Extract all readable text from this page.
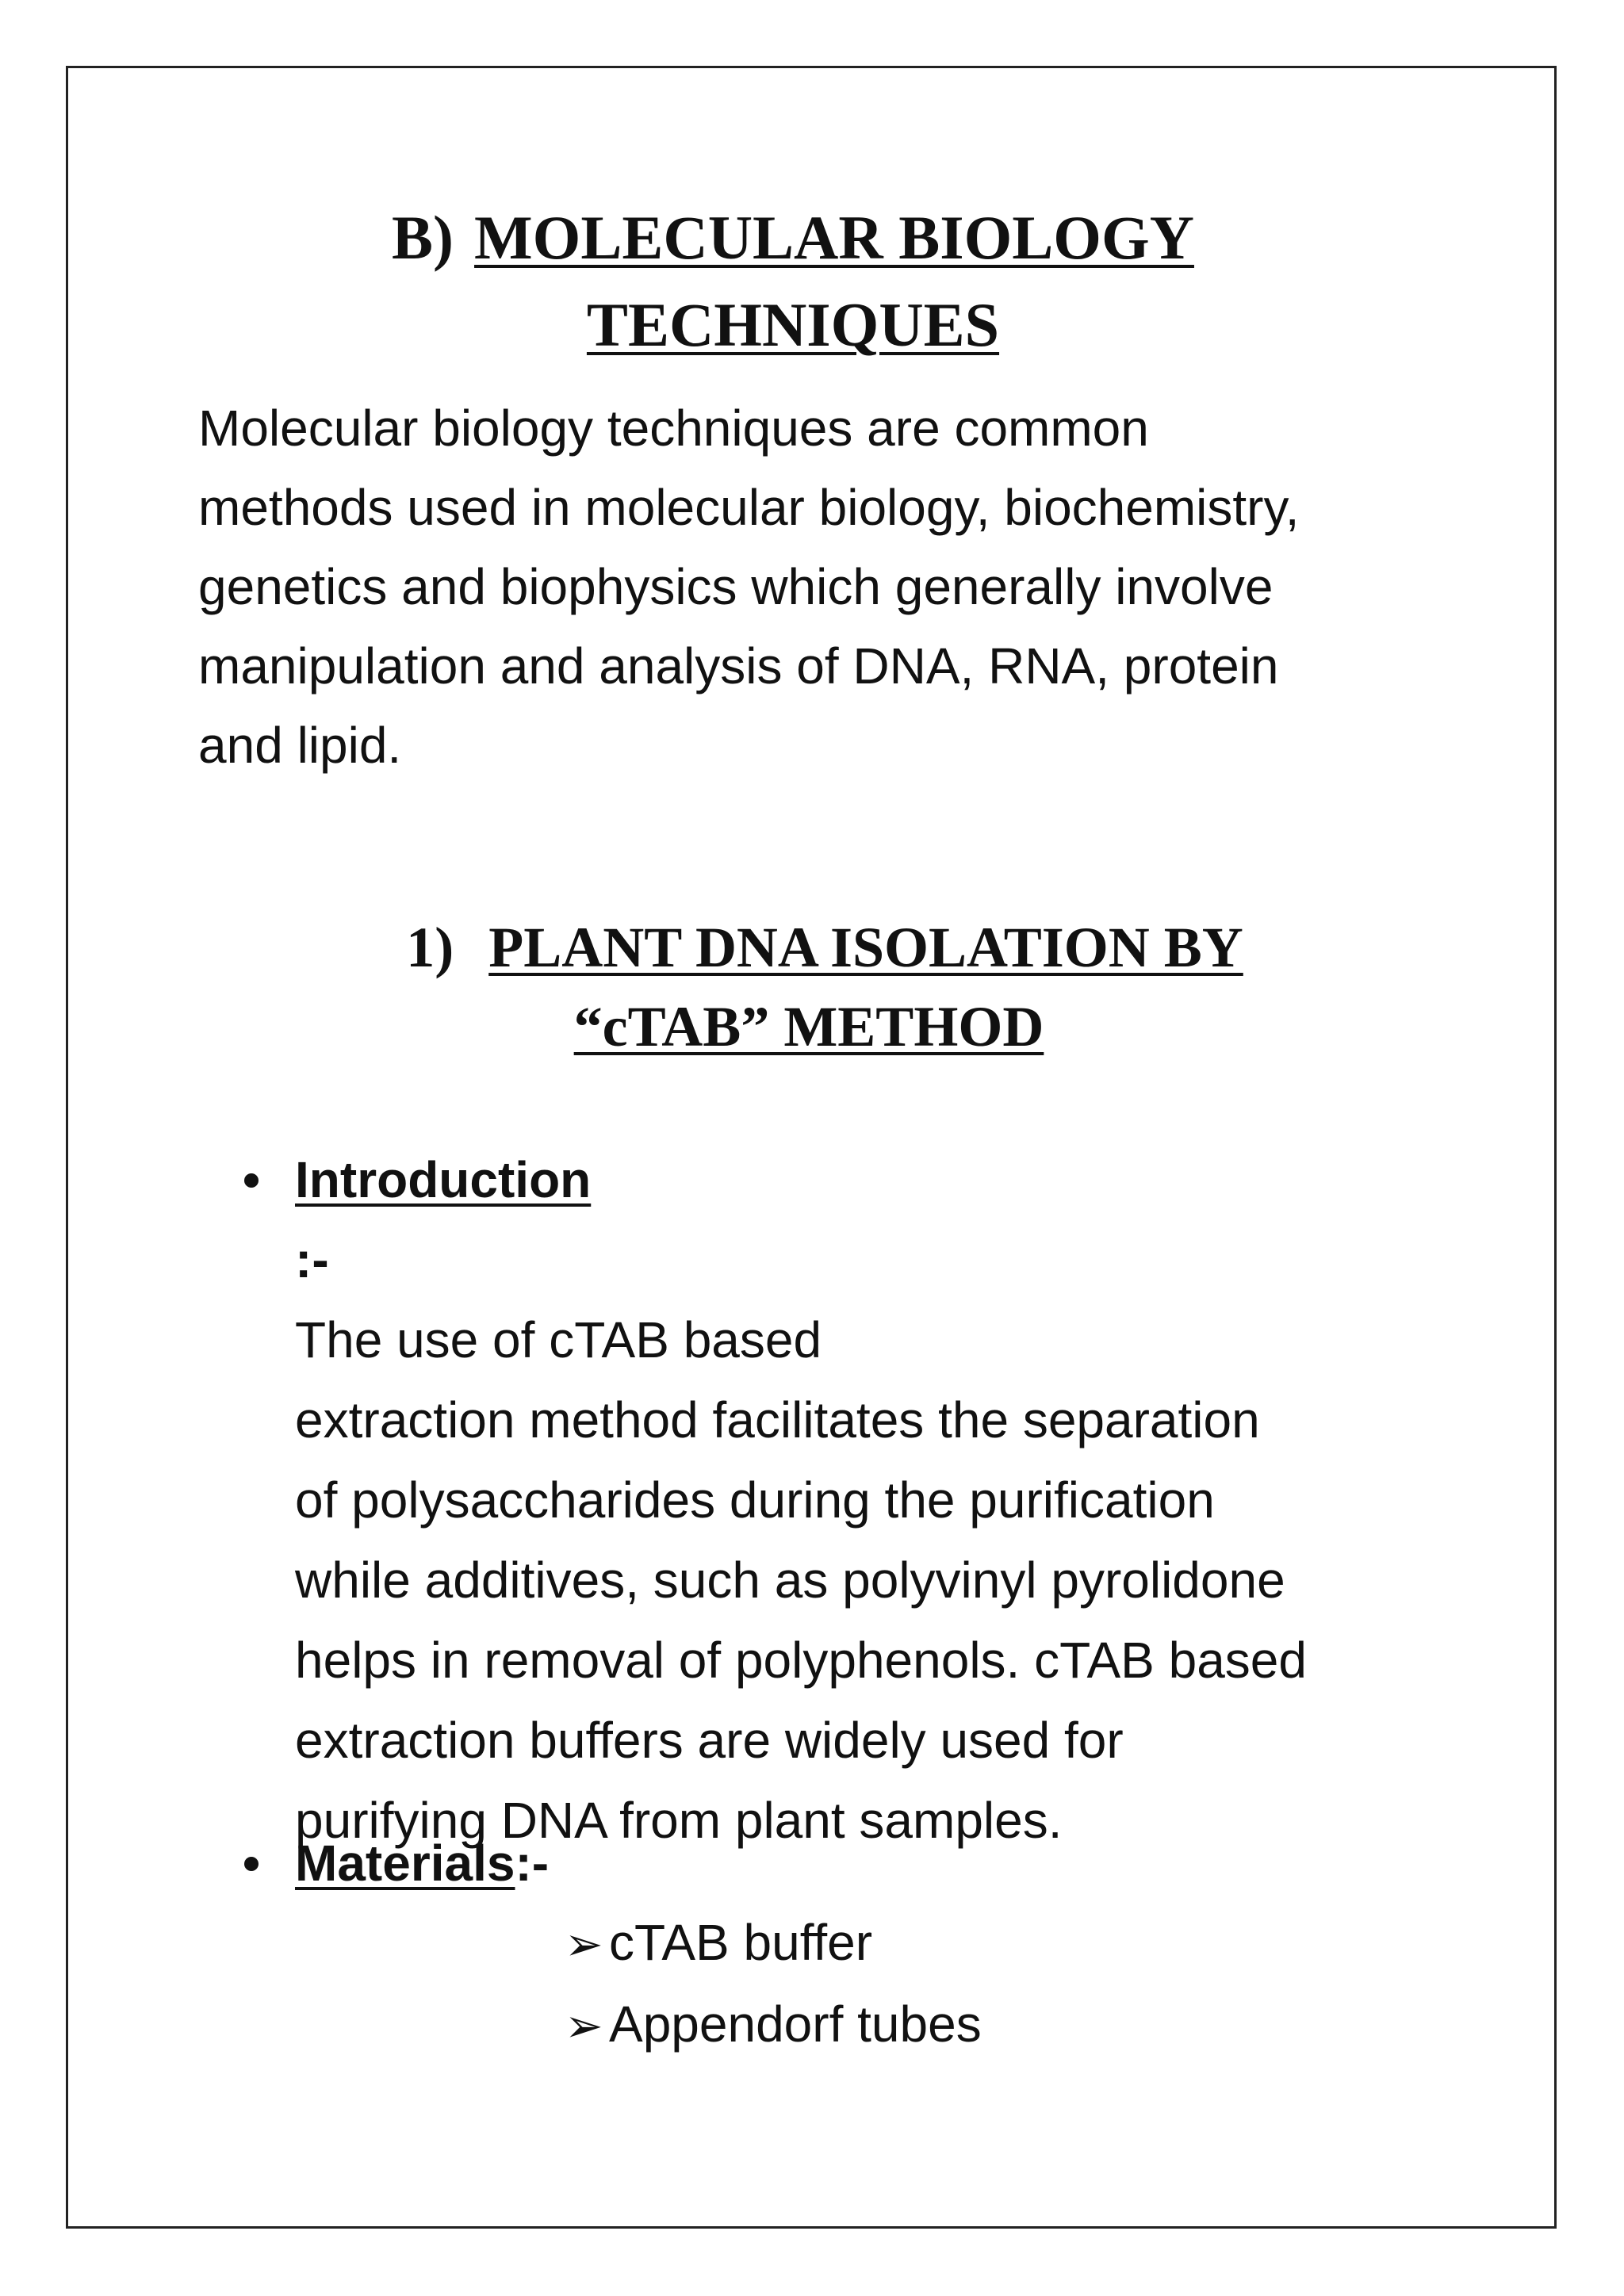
B) MOLECULAR BIOLOGY
TECHNIQUES

Molecular biology techniques are common
methods used in molecular biology, biochemistry,
genetics and biophysics which generally involve
manipulation and analysis of DNA, RNA, protein
and lipid.

1) PLANT DNA ISOLATION BY
“cTAB” METHOD
Introduction
:-
The use of cTAB based
extraction method facilitates the separation
of polysaccharides during the purification
while additives, such as polyvinyl pyrolidone
helps in removal of polyphenols. cTAB based
extraction buffers are widely used for
purifying DNA from plant samples.
Materials:-
➢ cTAB buffer
➢ Appendorf tubes
